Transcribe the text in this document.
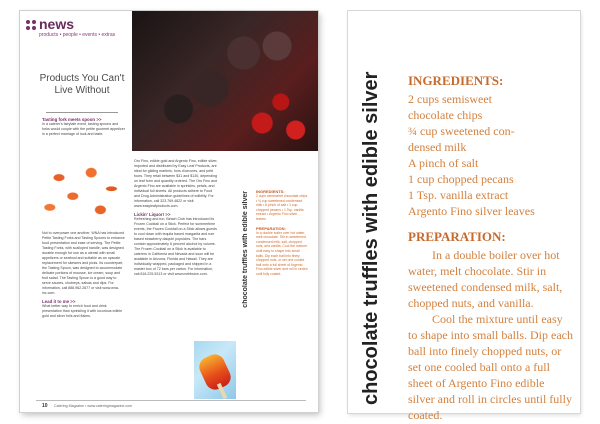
news
products • people • events • extras
Products You Can't Live Without
Tasting fork meets spoon >>
In a caterer's fairytale event, tasting spoons and forks would couple with the petite gourmet appetizer in a perfect marriage of look and taste.
Not to overpower one another, WNA has introduced Petite Tasting Forks and Tasting Spoons to enhance food presentation and ease of serving. The Petite Tasting Forks, with scalloped handle, was designed durable enough for use as a utensil with small appetizers or seafood and suitable as an upscale replacement for skewers and picks. Its counterpart, the Tasting Spoon, was designed to accommodate delicate portions of mousse, ice cream, soup and fruit salad. The Tasting Spoon is a good way to serve sauces, chutneys, salsas and dips. For information, call 888.962.2877 or visit www.wna-inc.com.
Lead it to me >>
What better way to enrich food and drink presentation than sprinkling it with luxurious edible gold and silver foils and flakes.
Oro Fino, edible gold and Argento Fino, edible silver, imported and distributed by Easy Leaf Products, are ideal for gilding martinis, hors d'oeuvres, and petit fours. They retail between $31 and $130, depending on leaf form and quantity ordered. The Oro Fino and Argento Fino are available in sprinkles, petals, and individual full sheets. All products adhere to Food and Drug Administration guidelines of edibility. For information, call 323.769.4822 or visit www.easyleafproducts.com.
Lickin' Liquor! >>
Refreshing and fun, Beach Club has introduced its Frozen Cocktail on a Stick. Perfect for summertime events, the Frozen Cocktail on a Stick allows guests to cool down with tequila based margarita and rum based strawberry daiquiri popsicles. The bars contain approximately 6 percent alcohol by volume. The Frozen Cocktail on a Stick is available to caterers in California and Nevada and soon will be available in Arizona, Florida and Hawaii. They are individually wrapped, packaged and shipped in a master box of 72 bars per carton. For information, call 818.225.5313 or visit www.mebbuice.com.	chocolate truffles with edible silver	INGREDIENTS:
2 cups semisweet chocolate chips • ¾ cup sweetened condensed milk • A pinch of salt • 1 cup chopped pecans • 1 Tsp. vanilla extract • Argento Fino silver leaves
PREPARATION:
In a double boiler over hot water, melt chocolate. Stir in sweetened condensed milk, salt, chopped nuts, and vanilla. Cool the mixture until easy to shape into small balls. Dip each ball into finely chopped nuts, or set one cooled ball onto a full sheet of Argento Fino edible silver and roll in circles until fully coated.
10 Catering Magazine • www.cateringmagazine.com
chocolate truffles with edible silver	INGREDIENTS:
2 cups semisweet
chocolate chips
¾ cup sweetened con-
densed milk
A pinch of salt
1 cup chopped pecans
1 Tsp. vanilla extract
Argento Fino silver leaves
PREPARATION:

In a double boiler over hot water, melt chocolate. Stir in sweetened condensed milk, salt, chopped nuts, and vanilla.

Cool the mixture until easy to shape into small balls. Dip each ball into finely chopped nuts, or set one cooled ball onto a full sheet of Argento Fino edible silver and roll in circles until fully coated.
